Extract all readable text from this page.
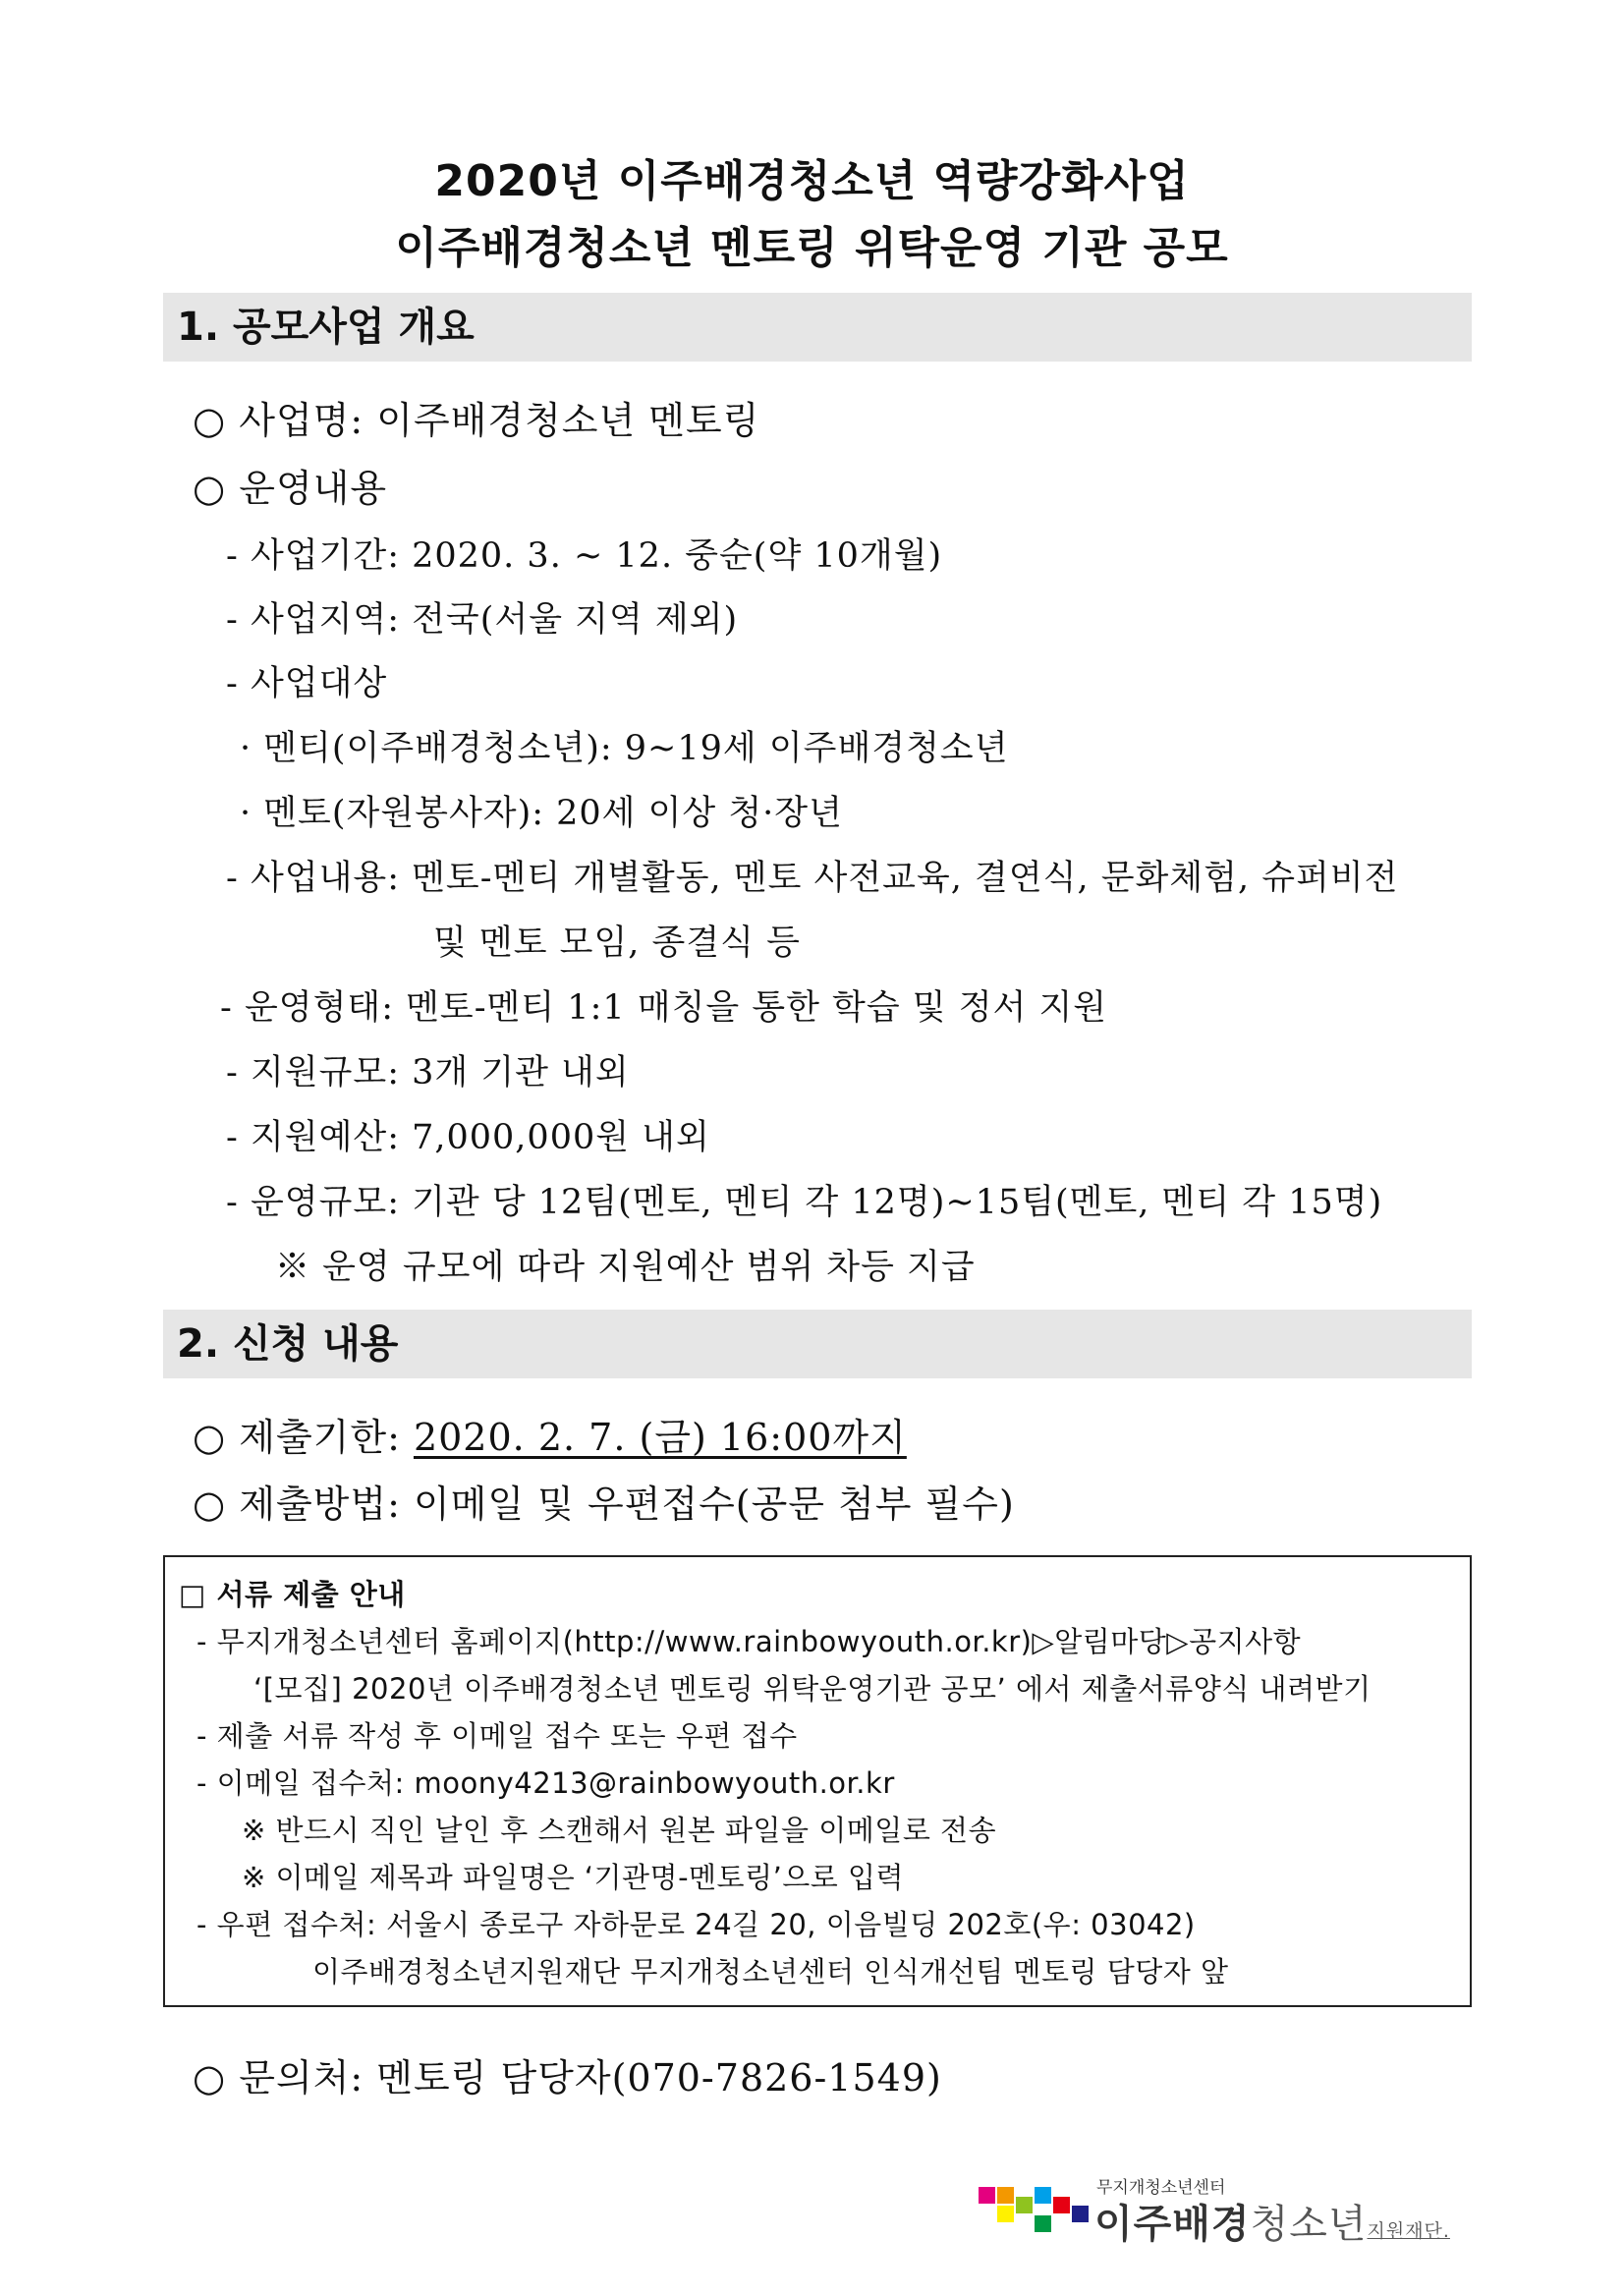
2020년 이주배경청소년 역량강화사업
이주배경청소년 멘토링 위탁운영 기관 공모
1. 공모사업 개요
○ 사업명: 이주배경청소년 멘토링
○ 운영내용
- 사업기간: 2020. 3. ~ 12. 중순(약 10개월)
- 사업지역: 전국(서울 지역 제외)
- 사업대상
· 멘티(이주배경청소년): 9~19세 이주배경청소년
· 멘토(자원봉사자): 20세 이상 청·장년
- 사업내용: 멘토-멘티 개별활동, 멘토 사전교육, 결연식, 문화체험, 슈퍼비전
및 멘토 모임, 종결식 등
- 운영형태: 멘토-멘티 1:1 매칭을 통한 학습 및 정서 지원
- 지원규모: 3개 기관 내외
- 지원예산: 7,000,000원 내외
- 운영규모: 기관 당 12팀(멘토, 멘티 각 12명)~15팀(멘토, 멘티 각 15명)
※ 운영 규모에 따라 지원예산 범위 차등 지급
2. 신청 내용
○ 제출기한: 2020. 2. 7. (금) 16:00까지
○ 제출방법: 이메일 및 우편접수(공문 첨부 필수)
□ 서류 제출 안내
- 무지개청소년센터 홈페이지(http://www.rainbowyouth.or.kr)▷알림마당▷공지사항
‘[모집] 2020년 이주배경청소년 멘토링 위탁운영기관 공모’ 에서 제출서류양식 내려받기
- 제출 서류 작성 후 이메일 접수 또는 우편 접수
- 이메일 접수처: moony4213@rainbowyouth.or.kr
※ 반드시 직인 날인 후 스캔해서 원본 파일을 이메일로 전송
※ 이메일 제목과 파일명은 ‘기관명-멘토링’으로 입력
- 우편 접수처: 서울시 종로구 자하문로 24길 20, 이음빌딩 202호(우: 03042)
이주배경청소년지원재단 무지개청소년센터 인식개선팀 멘토링 담당자 앞
○ 문의처: 멘토링 담당자(070-7826-1549)
무지개청소년센터
이주배경청소년지원재단.
